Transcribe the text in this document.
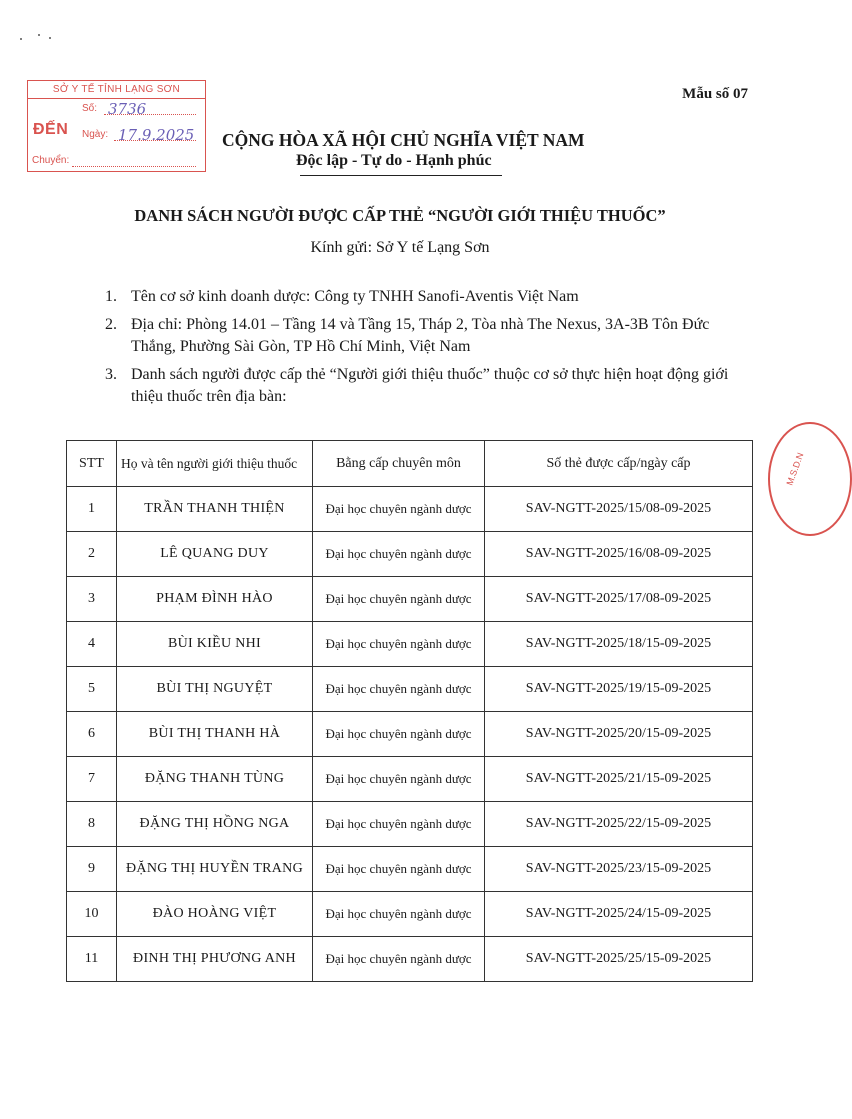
SỞ Y TẾ TỈNH LẠNG SƠN
ĐẾN
Số:
Ngày:
Chuyển:
3736
17.9.2025
Mẫu số 07
CỘNG HÒA XÃ HỘI CHỦ NGHĨA VIỆT NAM
Độc lập - Tự do - Hạnh phúc
DANH SÁCH NGƯỜI ĐƯỢC CẤP THẺ “NGƯỜI GIỚI THIỆU THUỐC”
Kính gửi: Sở Y tế Lạng Sơn
1. Tên cơ sở kinh doanh dược: Công ty TNHH Sanofi-Aventis Việt Nam
2. Địa chỉ: Phòng 14.01 – Tầng 14 và Tầng 15, Tháp 2, Tòa nhà The Nexus, 3A-3B Tôn Đức Thắng, Phường Sài Gòn, TP Hồ Chí Minh, Việt Nam
3. Danh sách người được cấp thẻ “Người giới thiệu thuốc” thuộc cơ sở thực hiện hoạt động giới thiệu thuốc trên địa bàn:
STT	Họ và tên người giới thiệu thuốc	Bằng cấp chuyên môn	Số thẻ được cấp/ngày cấp
1	TRẦN THANH THIỆN	Đại học chuyên ngành dược	SAV-NGTT-2025/15/08-09-2025
2	LÊ QUANG DUY	Đại học chuyên ngành dược	SAV-NGTT-2025/16/08-09-2025
3	PHẠM ĐÌNH HÀO	Đại học chuyên ngành dược	SAV-NGTT-2025/17/08-09-2025
4	BÙI KIỀU NHI	Đại học chuyên ngành dược	SAV-NGTT-2025/18/15-09-2025
5	BÙI THỊ NGUYỆT	Đại học chuyên ngành dược	SAV-NGTT-2025/19/15-09-2025
6	BÙI THỊ THANH HÀ	Đại học chuyên ngành dược	SAV-NGTT-2025/20/15-09-2025
7	ĐẶNG THANH TÙNG	Đại học chuyên ngành dược	SAV-NGTT-2025/21/15-09-2025
8	ĐẶNG THỊ HỒNG NGA	Đại học chuyên ngành dược	SAV-NGTT-2025/22/15-09-2025
9	ĐẶNG THỊ HUYỀN TRANG	Đại học chuyên ngành dược	SAV-NGTT-2025/23/15-09-2025
10	ĐÀO HOÀNG VIỆT	Đại học chuyên ngành dược	SAV-NGTT-2025/24/15-09-2025
11	ĐINH THỊ PHƯƠNG ANH	Đại học chuyên ngành dược	SAV-NGTT-2025/25/15-09-2025
M.S.D.N
